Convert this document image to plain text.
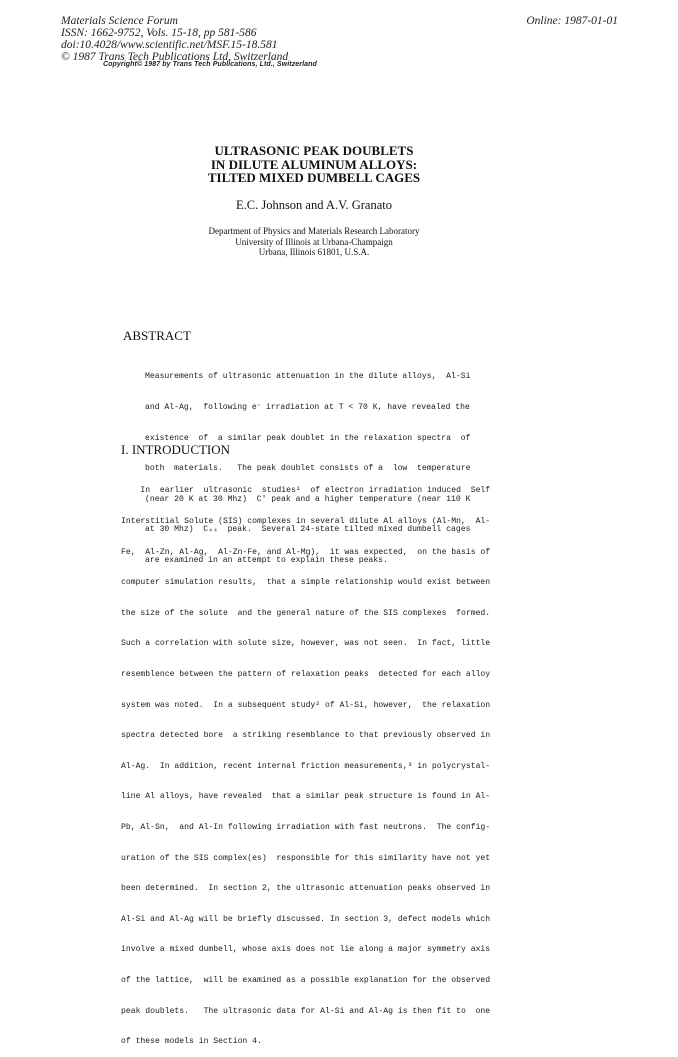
Materials Science Forum
ISSN: 1662-9752, Vols. 15-18, pp 581-586
doi:10.4028/www.scientific.net/MSF.15-18.581
© 1987 Trans Tech Publications Ltd, Switzerland
Online: 1987-01-01
Copyright© 1987 by Trans Tech Publications, Ltd., Switzerland
ULTRASONIC PEAK DOUBLETS
IN DILUTE ALUMINUM ALLOYS:
TILTED MIXED DUMBELL CAGES
E.C. Johnson and A.V. Granato
Department of Physics and Materials Research Laboratory
University of Illinois at Urbana-Champaign
Urbana, Illinois 61801, U.S.A.
ABSTRACT

Measurements of ultrasonic attenuation in the dilute alloys,  Al-Si

and Al-Ag,  following e⁻ irradiation at T < 70 K, have revealed the

existence  of  a similar peak doublet in the relaxation spectra  of

both  materials.   The peak doublet consists of a  low  temperature

(near 20 K at 30 Mhz)  C' peak and a higher temperature (near 110 K

at 30 Mhz)  C₄₄  peak.  Several 24-state tilted mixed dumbell cages

are examined in an attempt to explain these peaks.

I. INTRODUCTION

In  earlier  ultrasonic  studies¹  of electron irradiation induced  Self

Interstitial Solute (SIS) complexes in several dilute Al alloys (Al-Mn,  Al-

Fe,  Al-Zn, Al-Ag,  Al-Zn-Fe, and Al-Mg),  it was expected,  on the basis of

computer simulation results,  that a simple relationship would exist between

the size of the solute  and the general nature of the SIS complexes  formed.

Such a correlation with solute size, however, was not seen.  In fact, little

resemblence between the pattern of relaxation peaks  detected for each alloy

system was noted.  In a subsequent study² of Al-Si, however,  the relaxation

spectra detected bore  a striking resemblance to that previously observed in

Al-Ag.  In addition, recent internal friction measurements,³ in polycrystal-

line Al alloys, have revealed  that a similar peak structure is found in Al-

Pb, Al-Sn,  and Al-In following irradiation with fast neutrons.  The config-

uration of the SIS complex(es)  responsible for this similarity have not yet

been determined.  In section 2, the ultrasonic attenuation peaks observed in

Al-Si and Al-Ag will be briefly discussed. In section 3, defect models which

involve a mixed dumbell, whose axis does not lie along a major symmetry axis

of the lattice,  will be examined as a possible explanation for the observed

peak doublets.   The ultrasonic data for Al-Si and Al-Ag is then fit to  one

of these models in Section 4.
